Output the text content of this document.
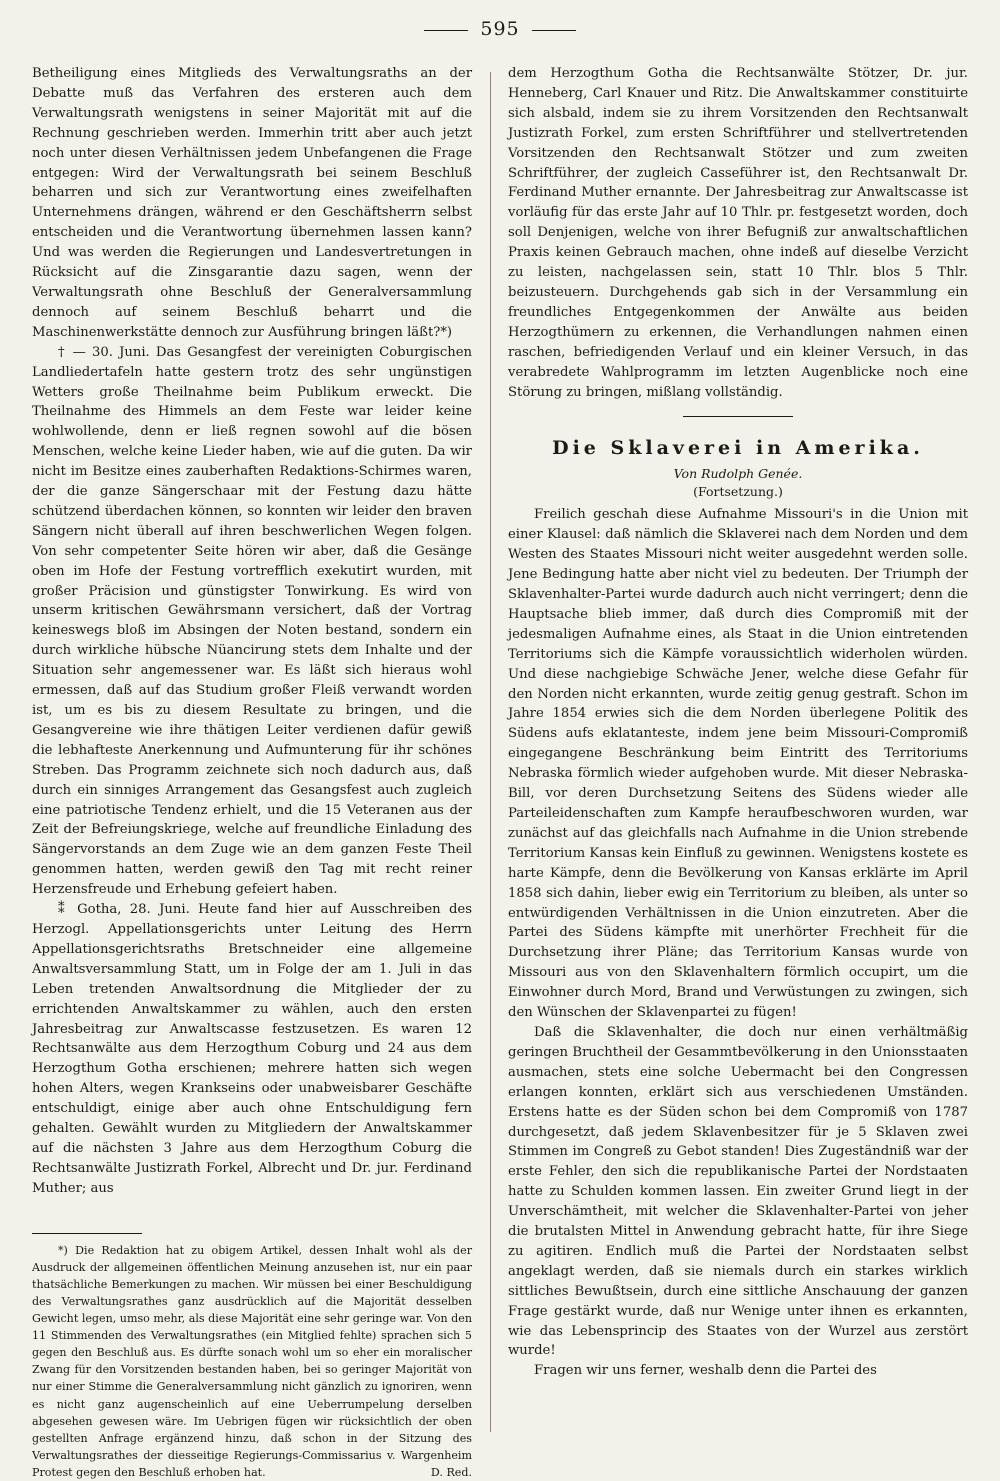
595

Betheiligung eines Mitglieds des Verwaltungsraths an der Debatte muß das Verfahren des ersteren auch dem Verwaltungsrath wenigstens in seiner Majorität mit auf die Rechnung geschrieben werden. Immerhin tritt aber auch jetzt noch unter diesen Verhältnissen jedem Unbefangenen die Frage entgegen: Wird der Verwaltungsrath bei seinem Beschluß beharren und sich zur Verantwortung eines zweifelhaften Unternehmens drängen, während er den Geschäftsherrn selbst entscheiden und die Verantwortung übernehmen lassen kann? Und was werden die Regierungen und Landesvertretungen in Rücksicht auf die Zinsgarantie dazu sagen, wenn der Verwaltungsrath ohne Beschluß der Generalversammlung dennoch auf seinem Beschluß beharrt und die Maschinenwerkstätte dennoch zur Ausführung bringen läßt?*)

† — 30. Juni. Das Gesangfest der vereinigten Coburgischen Landliedertafeln hatte gestern trotz des sehr ungünstigen Wetters große Theilnahme beim Publikum erweckt. Die Theilnahme des Himmels an dem Feste war leider keine wohlwollende, denn er ließ regnen sowohl auf die bösen Menschen, welche keine Lieder haben, wie auf die guten. Da wir nicht im Besitze eines zauberhaften Redaktions-Schirmes waren, der die ganze Sängerschaar mit der Festung dazu hätte schützend überdachen können, so konnten wir leider den braven Sängern nicht überall auf ihren beschwerlichen Wegen folgen. Von sehr competenter Seite hören wir aber, daß die Gesänge oben im Hofe der Festung vortrefflich exekutirt wurden, mit großer Präcision und günstigster Tonwirkung. Es wird von unserm kritischen Gewährsmann versichert, daß der Vortrag keineswegs bloß im Absingen der Noten bestand, sondern ein durch wirkliche hübsche Nüancirung stets dem Inhalte und der Situation sehr angemessener war. Es läßt sich hieraus wohl ermessen, daß auf das Studium großer Fleiß verwandt worden ist, um es bis zu diesem Resultate zu bringen, und die Gesangvereine wie ihre thätigen Leiter verdienen dafür gewiß die lebhafteste Anerkennung und Aufmunterung für ihr schönes Streben. Das Programm zeichnete sich noch dadurch aus, daß durch ein sinniges Arrangement das Gesangsfest auch zugleich eine patriotische Tendenz erhielt, und die 15 Veteranen aus der Zeit der Befreiungskriege, welche auf freundliche Einladung des Sängervorstands an dem Zuge wie an dem ganzen Feste Theil genommen hatten, werden gewiß den Tag mit recht reiner Herzensfreude und Erhebung gefeiert haben.

⁑ Gotha, 28. Juni. Heute fand hier auf Ausschreiben des Herzogl. Appellationsgerichts unter Leitung des Herrn Appellationsgerichtsraths Bretschneider eine allgemeine Anwaltsversammlung Statt, um in Folge der am 1. Juli in das Leben tretenden Anwaltsordnung die Mitglieder der zu errichtenden Anwaltskammer zu wählen, auch den ersten Jahresbeitrag zur Anwaltscasse festzusetzen. Es waren 12 Rechtsanwälte aus dem Herzogthum Coburg und 24 aus dem Herzogthum Gotha erschienen; mehrere hatten sich wegen hohen Alters, wegen Krankseins oder unabweisbarer Geschäfte entschuldigt, einige aber auch ohne Entschuldigung fern gehalten. Gewählt wurden zu Mitgliedern der Anwaltskammer auf die nächsten 3 Jahre aus dem Herzogthum Coburg die Rechtsanwälte Justizrath Forkel, Albrecht und Dr. jur. Ferdinand Muther; aus

*) Die Redaktion hat zu obigem Artikel, dessen Inhalt wohl als der Ausdruck der allgemeinen öffentlichen Meinung anzusehen ist, nur ein paar thatsächliche Bemerkungen zu machen. Wir müssen bei einer Beschuldigung des Verwaltungsrathes ganz ausdrücklich auf die Majorität desselben Gewicht legen, umso mehr, als diese Majorität eine sehr geringe war. Von den 11 Stimmenden des Verwaltungsrathes (ein Mitglied fehlte) sprachen sich 5 gegen den Beschluß aus. Es dürfte sonach wohl um so eher ein moralischer Zwang für den Vorsitzenden bestanden haben, bei so geringer Majorität von nur einer Stimme die Generalversammlung nicht gänzlich zu ignoriren, wenn es nicht ganz augenscheinlich auf eine Ueberrumpelung derselben abgesehen gewesen wäre. Im Uebrigen fügen wir rücksichtlich der oben gestellten Anfrage ergänzend hinzu, daß schon in der Sitzung des Verwaltungsrathes der diesseitige Regierungs-Commissarius v. Wargenheim Protest gegen den Beschluß erhoben hat.	D. Red.

dem Herzogthum Gotha die Rechtsanwälte Stötzer, Dr. jur. Henneberg, Carl Knauer und Ritz. Die Anwaltskammer constituirte sich alsbald, indem sie zu ihrem Vorsitzenden den Rechtsanwalt Justizrath Forkel, zum ersten Schriftführer und stellvertretenden Vorsitzenden den Rechtsanwalt Stötzer und zum zweiten Schriftführer, der zugleich Casseführer ist, den Rechtsanwalt Dr. Ferdinand Muther ernannte. Der Jahresbeitrag zur Anwaltscasse ist vorläufig für das erste Jahr auf 10 Thlr. pr. festgesetzt worden, doch soll Denjenigen, welche von ihrer Befugniß zur anwaltschaftlichen Praxis keinen Gebrauch machen, ohne indeß auf dieselbe Verzicht zu leisten, nachgelassen sein, statt 10 Thlr. blos 5 Thlr. beizusteuern. Durchgehends gab sich in der Versammlung ein freundliches Entgegenkommen der Anwälte aus beiden Herzogthümern zu erkennen, die Verhandlungen nahmen einen raschen, befriedigenden Verlauf und ein kleiner Versuch, in das verabredete Wahlprogramm im letzten Augenblicke noch eine Störung zu bringen, mißlang vollständig.

Die Sklaverei in Amerika.
Von Rudolph Genée.
(Fortsetzung.)

Freilich geschah diese Aufnahme Missouri's in die Union mit einer Klausel: daß nämlich die Sklaverei nach dem Norden und dem Westen des Staates Missouri nicht weiter ausgedehnt werden solle. Jene Bedingung hatte aber nicht viel zu bedeuten. Der Triumph der Sklavenhalter-Partei wurde dadurch auch nicht verringert; denn die Hauptsache blieb immer, daß durch dies Compromiß mit der jedesmaligen Aufnahme eines, als Staat in die Union eintretenden Territoriums sich die Kämpfe voraussichtlich widerholen würden. Und diese nachgiebige Schwäche Jener, welche diese Gefahr für den Norden nicht erkannten, wurde zeitig genug gestraft. Schon im Jahre 1854 erwies sich die dem Norden überlegene Politik des Südens aufs eklatanteste, indem jene beim Missouri-Compromiß eingegangene Beschränkung beim Eintritt des Territoriums Nebraska förmlich wieder aufgehoben wurde. Mit dieser Nebraska-Bill, vor deren Durchsetzung Seitens des Südens wieder alle Parteileidenschaften zum Kampfe heraufbeschworen wurden, war zunächst auf das gleichfalls nach Aufnahme in die Union strebende Territorium Kansas kein Einfluß zu gewinnen. Wenigstens kostete es harte Kämpfe, denn die Bevölkerung von Kansas erklärte im April 1858 sich dahin, lieber ewig ein Territorium zu bleiben, als unter so entwürdigenden Verhältnissen in die Union einzutreten. Aber die Partei des Südens kämpfte mit unerhörter Frechheit für die Durchsetzung ihrer Pläne; das Territorium Kansas wurde von Missouri aus von den Sklavenhaltern förmlich occupirt, um die Einwohner durch Mord, Brand und Verwüstungen zu zwingen, sich den Wünschen der Sklavenpartei zu fügen!

Daß die Sklavenhalter, die doch nur einen verhältmäßig geringen Bruchtheil der Gesammtbevölkerung in den Unionsstaaten ausmachen, stets eine solche Uebermacht bei den Congressen erlangen konnten, erklärt sich aus verschiedenen Umständen. Erstens hatte es der Süden schon bei dem Compromiß von 1787 durchgesetzt, daß jedem Sklavenbesitzer für je 5 Sklaven zwei Stimmen im Congreß zu Gebot standen! Dies Zugeständniß war der erste Fehler, den sich die republikanische Partei der Nordstaaten hatte zu Schulden kommen lassen. Ein zweiter Grund liegt in der Unverschämtheit, mit welcher die Sklavenhalter-Partei von jeher die brutalsten Mittel in Anwendung gebracht hatte, für ihre Siege zu agitiren. Endlich muß die Partei der Nordstaaten selbst angeklagt werden, daß sie niemals durch ein starkes wirklich sittliches Bewußtsein, durch eine sittliche Anschauung der ganzen Frage gestärkt wurde, daß nur Wenige unter ihnen es erkannten, wie das Lebensprincip des Staates von der Wurzel aus zerstört wurde!

Fragen wir uns ferner, weshalb denn die Partei des
